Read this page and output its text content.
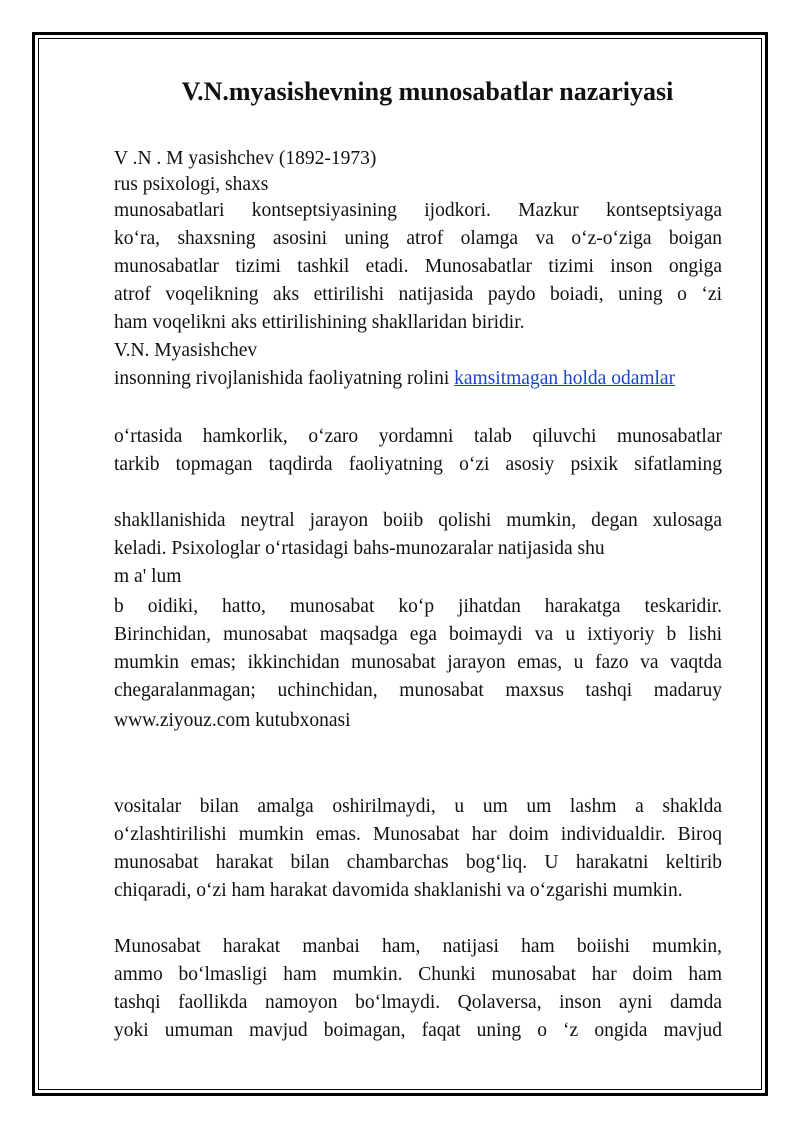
V.N.myasishevning munosabatlar nazariyasi

V .N . M yasishchev (1892-1973)

rus psixologi, shaxs

munosabatlari kontseptsiyasining ijodkori. Mazkur kontseptsiyaga

ko‘ra, shaxsning asosini uning atrof olamga va o‘z-o‘ziga boigan

munosabatlar tizimi tashkil etadi. Munosabatlar tizimi inson ongiga

atrof voqelikning aks ettirilishi natijasida paydo boiadi, uning o ‘zi

ham voqelikni aks ettirilishining shakllaridan biridir.

V.N. Myasishchev

insonning rivojlanishida faoliyatning rolini kamsitmagan holda odamlar

o‘rtasida hamkorlik, o‘zaro yordamni talab qiluvchi munosabatlar

tarkib topmagan taqdirda faoliyatning o‘zi asosiy psixik sifatlaming

shakllanishida neytral jarayon boiib qolishi mumkin, degan xulosaga

keladi. Psixologlar o‘rtasidagi bahs-munozaralar natijasida shu

m a' lum

b oidiki, hatto, munosabat ko‘p jihatdan harakatga teskaridir.

Birinchidan, munosabat maqsadga ega boimaydi va u ixtiyoriy b lishi

mumkin emas; ikkinchidan munosabat jarayon emas, u fazo va vaqtda

chegaralanmagan; uchinchidan, munosabat maxsus tashqi madaruy

www.ziyouz.com kutubxonasi

vositalar bilan amalga oshirilmaydi, u um um lashm a shaklda

o‘zlashtirilishi mumkin emas. Munosabat har doim individualdir. Biroq

munosabat harakat bilan chambarchas bog‘liq. U harakatni keltirib

chiqaradi, o‘zi ham harakat davomida shaklanishi va o‘zgarishi mumkin.

Munosabat harakat manbai ham, natijasi ham boiishi mumkin,

ammo bo‘lmasligi ham mumkin. Chunki munosabat har doim ham

tashqi faollikda namoyon bo‘lmaydi. Qolaversa, inson ayni damda

yoki umuman mavjud boimagan, faqat uning o ‘z ongida mavjud
